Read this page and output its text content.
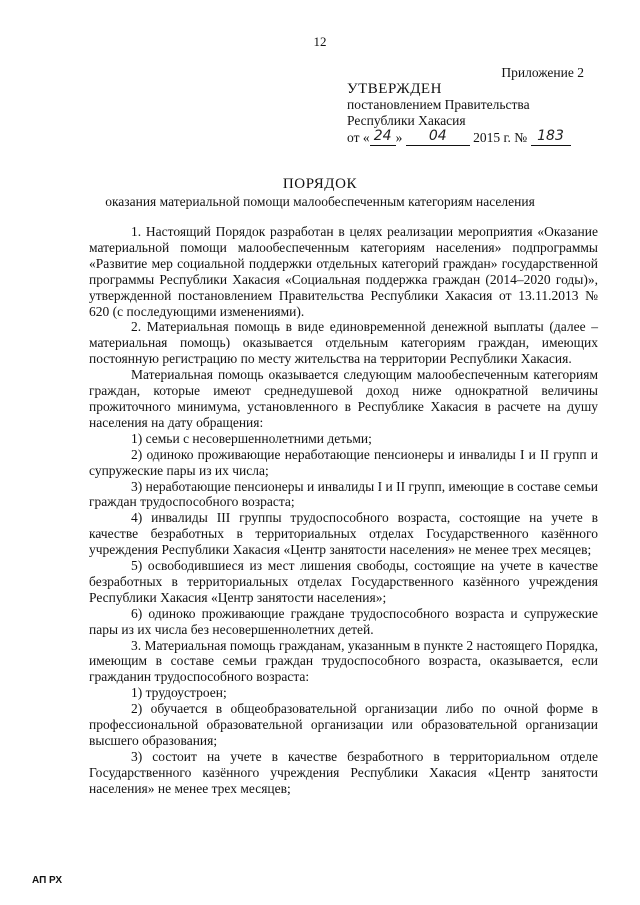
12
Приложение 2
УТВЕРЖДЕН
постановлением Правительства
Республики Хакасия
от « 24 » 04 2015 г. № 183
ПОРЯДОК
оказания материальной помощи малообеспеченным категориям населения

1. Настоящий Порядок разработан в целях реализации мероприятия «Оказание материальной помощи малообеспеченным категориям населения» подпрограммы «Развитие мер социальной поддержки отдельных категорий граждан» государственной программы Республики Хакасия «Социальная поддержка граждан (2014–2020 годы)», утвержденной постановлением Правительства Республики Хакасия от 13.11.2013 № 620 (с последующими изменениями).

2. Материальная помощь в виде единовременной денежной выплаты (далее – материальная помощь) оказывается отдельным категориям граждан, имеющих постоянную регистрацию по месту жительства на территории Республики Хакасия.

Материальная помощь оказывается следующим малообеспеченным категориям граждан, которые имеют среднедушевой доход ниже однократной величины прожиточного минимума, установленного в Республике Хакасия в расчете на душу населения на дату обращения:

1) семьи с несовершеннолетними детьми;

2) одиноко проживающие неработающие пенсионеры и инвалиды I и II групп и супружеские пары из их числа;

3) неработающие пенсионеры и инвалиды I и II групп, имеющие в составе семьи граждан трудоспособного возраста;

4) инвалиды III группы трудоспособного возраста, состоящие на учете в качестве безработных в территориальных отделах Государственного казённого учреждения Республики Хакасия «Центр занятости населения» не менее трех месяцев;

5) освободившиеся из мест лишения свободы, состоящие на учете в качестве безработных в территориальных отделах Государственного казённого учреждения Республики Хакасия «Центр занятости населения»;

6) одиноко проживающие граждане трудоспособного возраста и супружеские пары из их числа без несовершеннолетних детей.

3. Материальная помощь гражданам, указанным в пункте 2 настоящего Порядка, имеющим в составе семьи граждан трудоспособного возраста, оказывается, если гражданин трудоспособного возраста:

1) трудоустроен;

2) обучается в общеобразовательной организации либо по очной форме в профессиональной образовательной организации или образовательной организации высшего образования;

3) состоит на учете в качестве безработного в территориальном отделе Государственного казённого учреждения Республики Хакасия «Центр занятости населения» не менее трех месяцев;

АП РХ
